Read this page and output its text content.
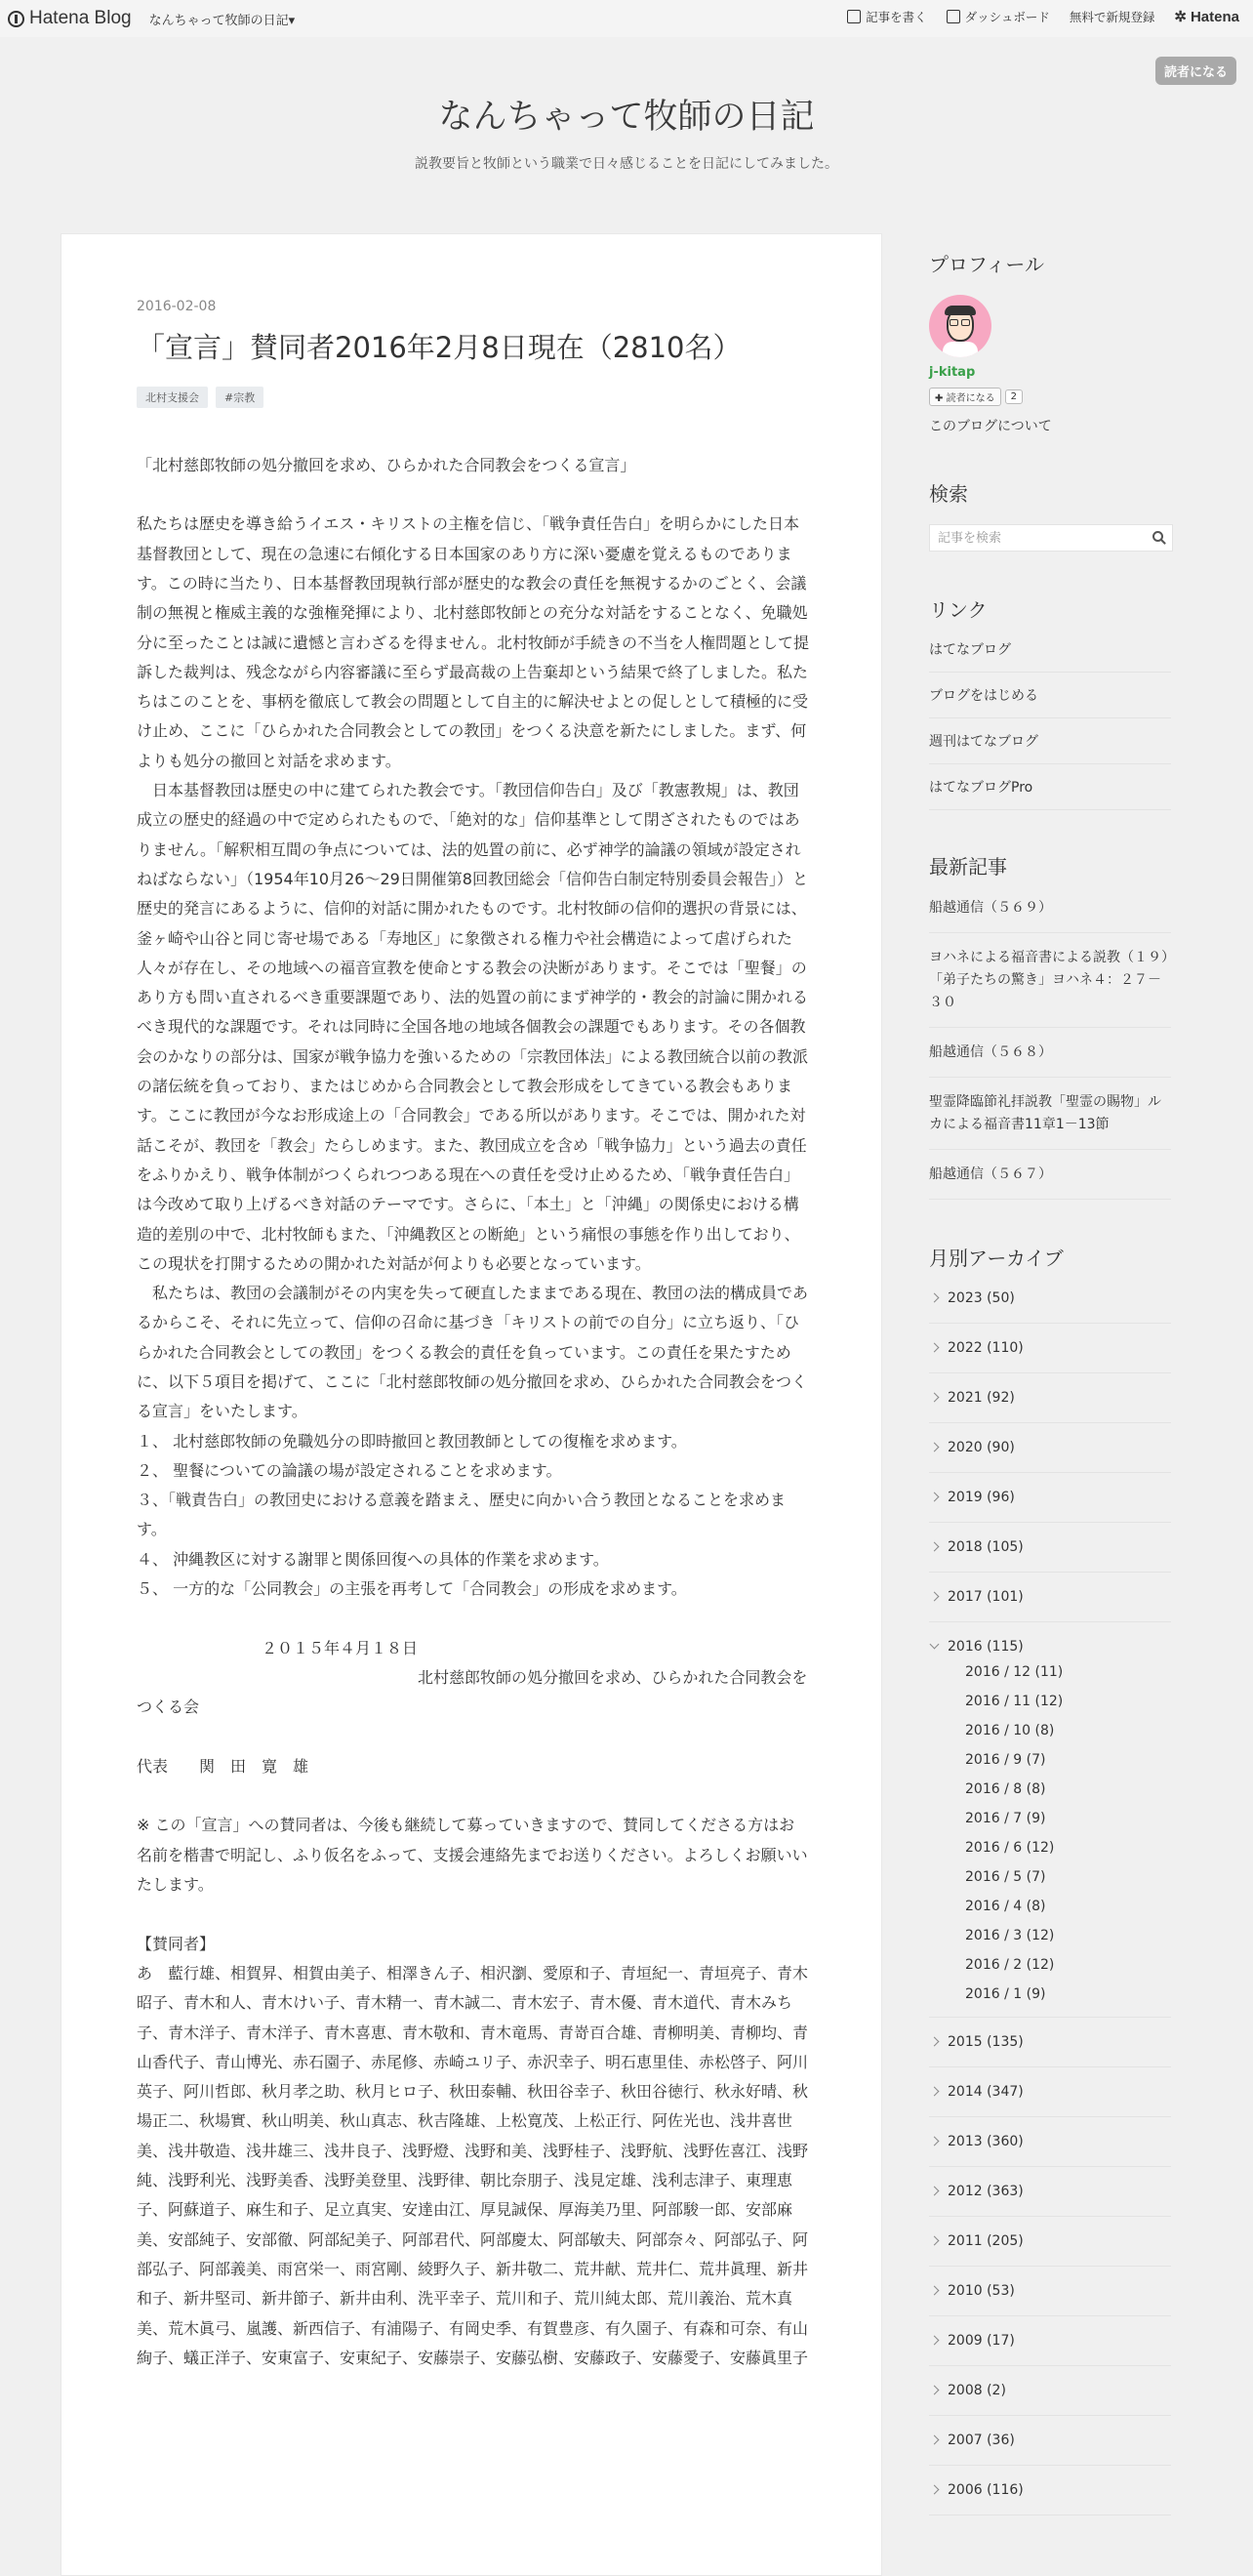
Hatena Blog なんちゃって牧師の日記▾	記事を書く	ダッシュボード 無料で新規登録 ✲ Hatena
読者になる
なんちゃって牧師の日記
説教要旨と牧師という職業で日々感じることを日記にしてみました。
2016-02-08
「宣言」賛同者2016年2月8日現在（2810名）
北村支援会	#宗教

「北村慈郎牧師の処分撤回を求め、ひらかれた合同教会をつくる宣言」

私たちは歴史を導き給うイエス・キリストの主権を信じ、「戦争責任告白」を明らかにした日本基督教団として、現在の急速に右傾化する日本国家のあり方に深い憂慮を覚えるものであります。この時に当たり、日本基督教団現執行部が歴史的な教会の責任を無視するかのごとく、会議制の無視と権威主義的な強権発揮により、北村慈郎牧師との充分な対話をすることなく、免職処分に至ったことは誠に遺憾と言わざるを得ません。北村牧師が手続きの不当を人権問題として提訴した裁判は、残念ながら内容審議に至らず最高裁の上告棄却という結果で終了しました。私たちはこのことを、事柄を徹底して教会の問題として自主的に解決せよとの促しとして積極的に受け止め、ここに「ひらかれた合同教会としての教団」をつくる決意を新たにしました。まず、何よりも処分の撤回と対話を求めます。

　日本基督教団は歴史の中に建てられた教会です。「教団信仰告白」及び「教憲教規」は、教団成立の歴史的経過の中で定められたもので、「絶対的な」信仰基準として閉ざされたものではありません。「解釈相互間の争点については、法的処置の前に、必ず神学的論議の領域が設定されねばならない」（1954年10月26～29日開催第8回教団総会「信仰告白制定特別委員会報告」）と歴史的発言にあるように、信仰的対話に開かれたものです。北村牧師の信仰的選択の背景には、釜ヶ崎や山谷と同じ寄せ場である「寿地区」に象徴される権力や社会構造によって虐げられた人々が存在し、その地域への福音宣教を使命とする教会の決断があります。そこでは「聖餐」のあり方も問い直されるべき重要課題であり、法的処置の前にまず神学的・教会的討論に開かれるべき現代的な課題です。それは同時に全国各地の地域各個教会の課題でもあります。その各個教会のかなりの部分は、国家が戦争協力を強いるための「宗教団体法」による教団統合以前の教派の諸伝統を負っており、またはじめから合同教会として教会形成をしてきている教会もあります。ここに教団が今なお形成途上の「合同教会」である所以があります。そこでは、開かれた対話こそが、教団を「教会」たらしめます。また、教団成立を含め「戦争協力」という過去の責任をふりかえり、戦争体制がつくられつつある現在への責任を受け止めるため、「戦争責任告白」は今改めて取り上げるべき対話のテーマです。さらに、「本土」と「沖縄」の関係史における構造的差別の中で、北村牧師もまた、「沖縄教区との断絶」という痛恨の事態を作り出しており、この現状を打開するための開かれた対話が何よりも必要となっています。

　私たちは、教団の会議制がその内実を失って硬直したままである現在、教団の法的構成員であるからこそ、それに先立って、信仰の召命に基づき「キリストの前での自分」に立ち返り、「ひらかれた合同教会としての教団」をつくる教会的責任を負っています。この責任を果たすために、以下５項目を掲げて、ここに「北村慈郎牧師の処分撤回を求め、ひらかれた合同教会をつくる宣言」をいたします。

１、 北村慈郎牧師の免職処分の即時撤回と教団教師としての復権を求めます。

２、 聖餐についての論議の場が設定されることを求めます。

３、「戦責告白」の教団史における意義を踏まえ、歴史に向かい合う教団となることを求めます。

４、 沖縄教区に対する謝罪と関係回復への具体的作業を求めます。

５、 一方的な「公同教会」の主張を再考して「合同教会」の形成を求めます。

　　　　　　　　２０１５年４月１８日

　　　　　　　　　　　　　　　　　　北村慈郎牧師の処分撤回を求め、ひらかれた合同教会をつくる会

代表　　関　田　寛　雄

※ この「宣言」への賛同者は、今後も継続して募っていきますので、賛同してくださる方はお名前を楷書で明記し、ふり仮名をふって、支援会連絡先までお送りください。よろしくお願いいたします。

【賛同者】

あ　藍行雄、相賀昇、相賀由美子、相澤きん子、相沢瀏、愛原和子、青垣紀一、青垣亮子、青木昭子、青木和人、青木けい子、青木精一、青木誠二、青木宏子、青木優、青木道代、青木みち子、青木洋子、青木洋子、青木喜恵、青木敬和、青木竜馬、青嵜百合雄、青柳明美、青柳均、青山香代子、青山博光、赤石園子、赤尾修、赤崎ユリ子、赤沢幸子、明石恵里佳、赤松啓子、阿川英子、阿川哲郎、秋月孝之助、秋月ヒロ子、秋田泰輔、秋田谷幸子、秋田谷徳行、秋永好晴、秋場正二、秋場實、秋山明美、秋山真志、秋吉隆雄、上松寛茂、上松正行、阿佐光也、浅井喜世美、浅井敬造、浅井雄三、浅井良子、浅野燈、浅野和美、浅野桂子、浅野航、浅野佐喜江、浅野純、浅野利光、浅野美香、浅野美登里、浅野律、朝比奈朋子、浅見定雄、浅利志津子、東理恵子、阿蘇道子、麻生和子、足立真実、安達由江、厚見誠保、厚海美乃里、阿部駿一郎、安部麻美、安部純子、安部徹、阿部紀美子、阿部君代、阿部慶太、阿部敏夫、阿部奈々、阿部弘子、阿部弘子、阿部義美、雨宮栄一、雨宮剛、綾野久子、新井敬二、荒井献、荒井仁、荒井眞理、新井和子、新井堅司、新井節子、新井由利、洗平幸子、荒川和子、荒川純太郎、荒川義治、荒木真美、荒木眞弓、嵐護、新西信子、有浦陽子、有岡史季、有賀豊彦、有久園子、有森和可奈、有山絢子、蟻正洋子、安東富子、安東紀子、安藤崇子、安藤弘樹、安藤政子、安藤愛子、安藤眞里子

プロフィール
j-kitap
✚ 読者になる	2
このブログについて
検索
記事を検索
リンク
はてなブログ
ブログをはじめる
週刊はてなブログ
はてなブログPro
最新記事
船越通信（５６９）
ヨハネによる福音書による説教（１９）「弟子たちの驚き」ヨハネ４：２７－３０
船越通信（５６８）
聖霊降臨節礼拝説教「聖霊の賜物」ルカによる福音書11章1－13節
船越通信（５６７）
月別アーカイブ
2023 (50)
2022 (110)
2021 (92)
2020 (90)
2019 (96)
2018 (105)
2017 (101)
2016 (115)
2016 / 12 (11)
2016 / 11 (12)
2016 / 10 (8)
2016 / 9 (7)
2016 / 8 (8)
2016 / 7 (9)
2016 / 6 (12)
2016 / 5 (7)
2016 / 4 (8)
2016 / 3 (12)
2016 / 2 (12)
2016 / 1 (9)
2015 (135)
2014 (347)
2013 (360)
2012 (363)
2011 (205)
2010 (53)
2009 (17)
2008 (2)
2007 (36)
2006 (116)
